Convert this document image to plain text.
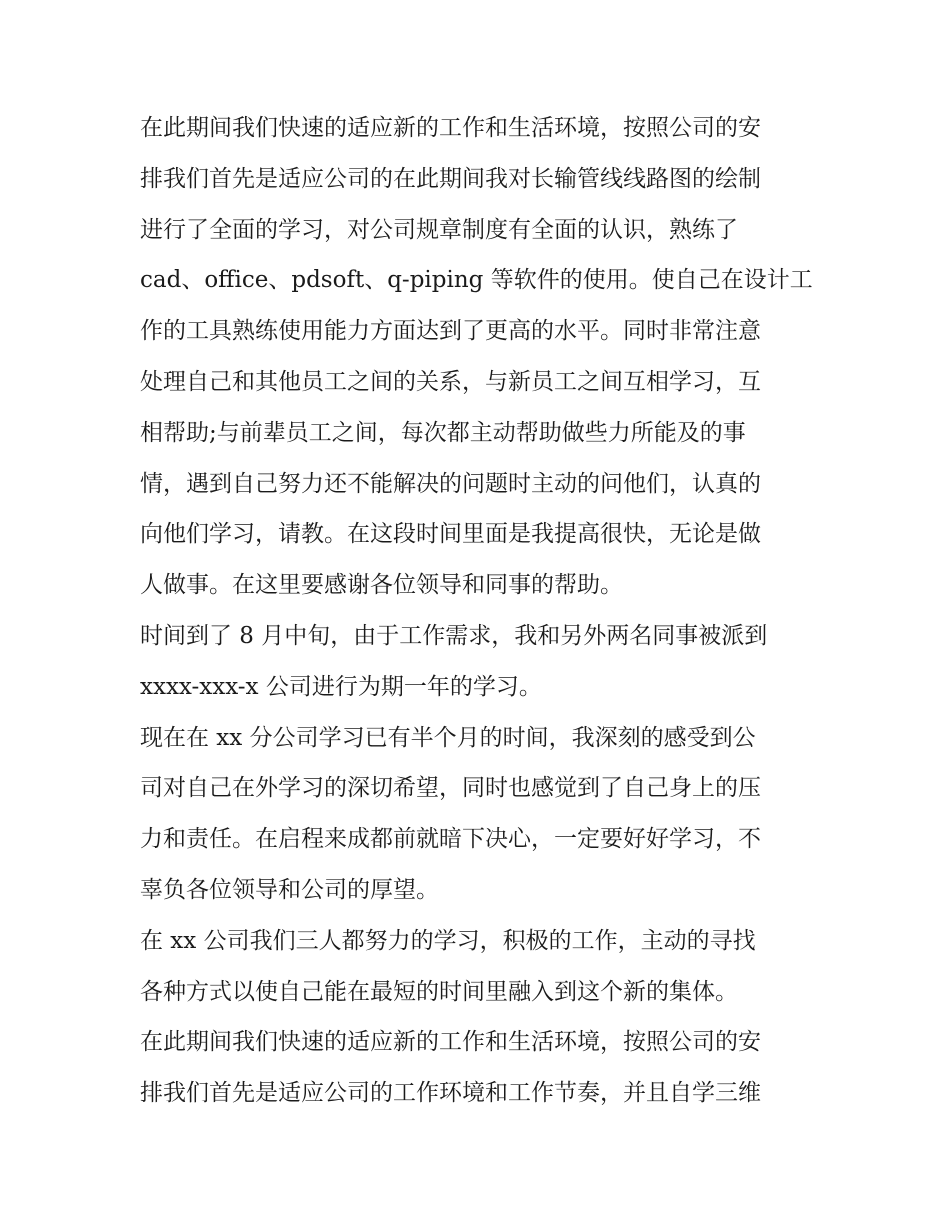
在此期间我们快速的适应新的工作和生活环境，按照公司的安
排我们首先是适应公司的在此期间我对长输管线线路图的绘制
进行了全面的学习，对公司规章制度有全面的认识，熟练了
cad、office、pdsoft、q-piping 等软件的使用。使自己在设计工
作的工具熟练使用能力方面达到了更高的水平。同时非常注意
处理自己和其他员工之间的关系，与新员工之间互相学习，互
相帮助;与前辈员工之间，每次都主动帮助做些力所能及的事
情，遇到自己努力还不能解决的问题时主动的问他们，认真的
向他们学习，请教。在这段时间里面是我提高很快，无论是做
人做事。在这里要感谢各位领导和同事的帮助。
时间到了 8 月中旬，由于工作需求，我和另外两名同事被派到
xxxx-xxx-x 公司进行为期一年的学习。
现在在 xx 分公司学习已有半个月的时间，我深刻的感受到公
司对自己在外学习的深切希望，同时也感觉到了自己身上的压
力和责任。在启程来成都前就暗下决心，一定要好好学习，不
辜负各位领导和公司的厚望。
在 xx 公司我们三人都努力的学习，积极的工作，主动的寻找
各种方式以使自己能在最短的时间里融入到这个新的集体。
在此期间我们快速的适应新的工作和生活环境，按照公司的安
排我们首先是适应公司的工作环境和工作节奏，并且自学三维
